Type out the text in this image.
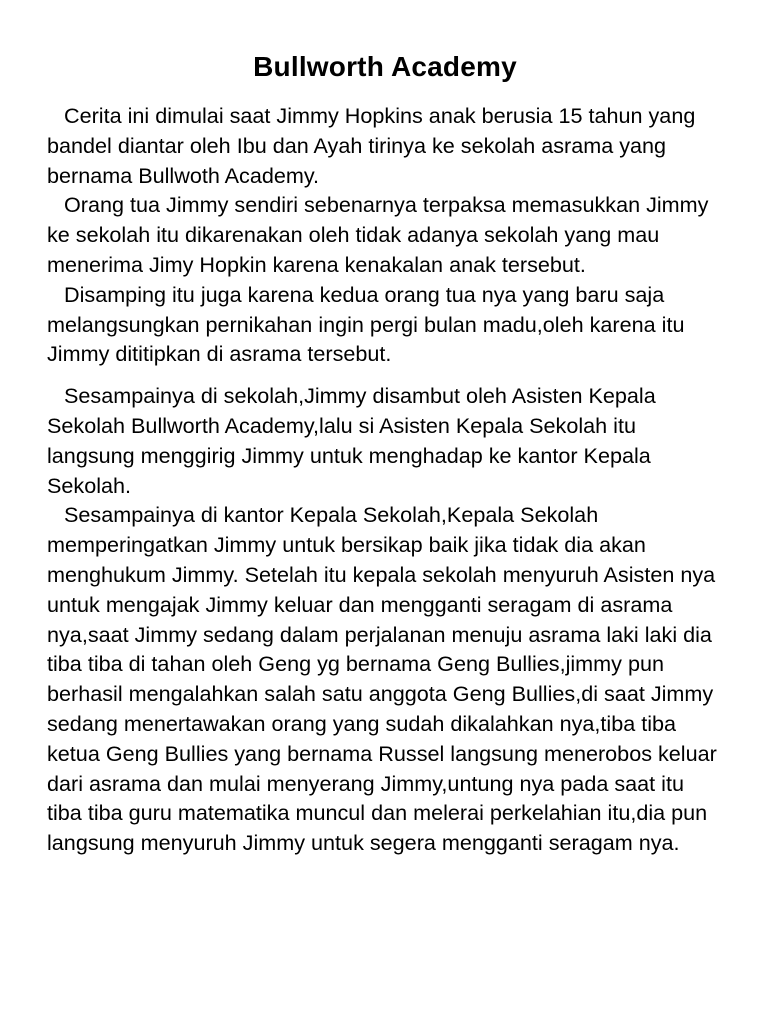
Bullworth Academy

Cerita ini dimulai saat Jimmy Hopkins anak berusia 15 tahun yang bandel diantar oleh Ibu dan Ayah tirinya ke sekolah asrama yang bernama Bullwoth Academy.

Orang tua Jimmy sendiri sebenarnya terpaksa memasukkan Jimmy ke sekolah itu dikarenakan oleh tidak adanya sekolah yang mau menerima Jimy Hopkin karena kenakalan anak tersebut.

Disamping itu juga karena kedua orang tua nya yang baru saja melangsungkan pernikahan ingin pergi bulan madu,oleh karena itu Jimmy dititipkan di asrama tersebut.

Sesampainya di sekolah,Jimmy disambut oleh Asisten Kepala Sekolah Bullworth Academy,lalu si Asisten Kepala Sekolah itu langsung menggirig Jimmy untuk menghadap ke kantor Kepala Sekolah.

Sesampainya di kantor Kepala Sekolah,Kepala Sekolah memperingatkan Jimmy untuk bersikap baik jika tidak dia akan menghukum Jimmy. Setelah itu kepala sekolah menyuruh Asisten nya untuk mengajak Jimmy keluar dan mengganti seragam di asrama nya,saat Jimmy sedang dalam perjalanan menuju asrama laki laki dia tiba tiba di tahan oleh Geng yg bernama Geng Bullies,jimmy pun berhasil mengalahkan salah satu anggota Geng Bullies,di saat Jimmy sedang menertawakan orang yang sudah dikalahkan nya,tiba tiba ketua Geng Bullies yang bernama Russel langsung menerobos keluar dari asrama dan mulai menyerang Jimmy,untung nya pada saat itu tiba tiba guru matematika muncul dan melerai perkelahian itu,dia pun langsung menyuruh Jimmy untuk segera mengganti seragam nya.
